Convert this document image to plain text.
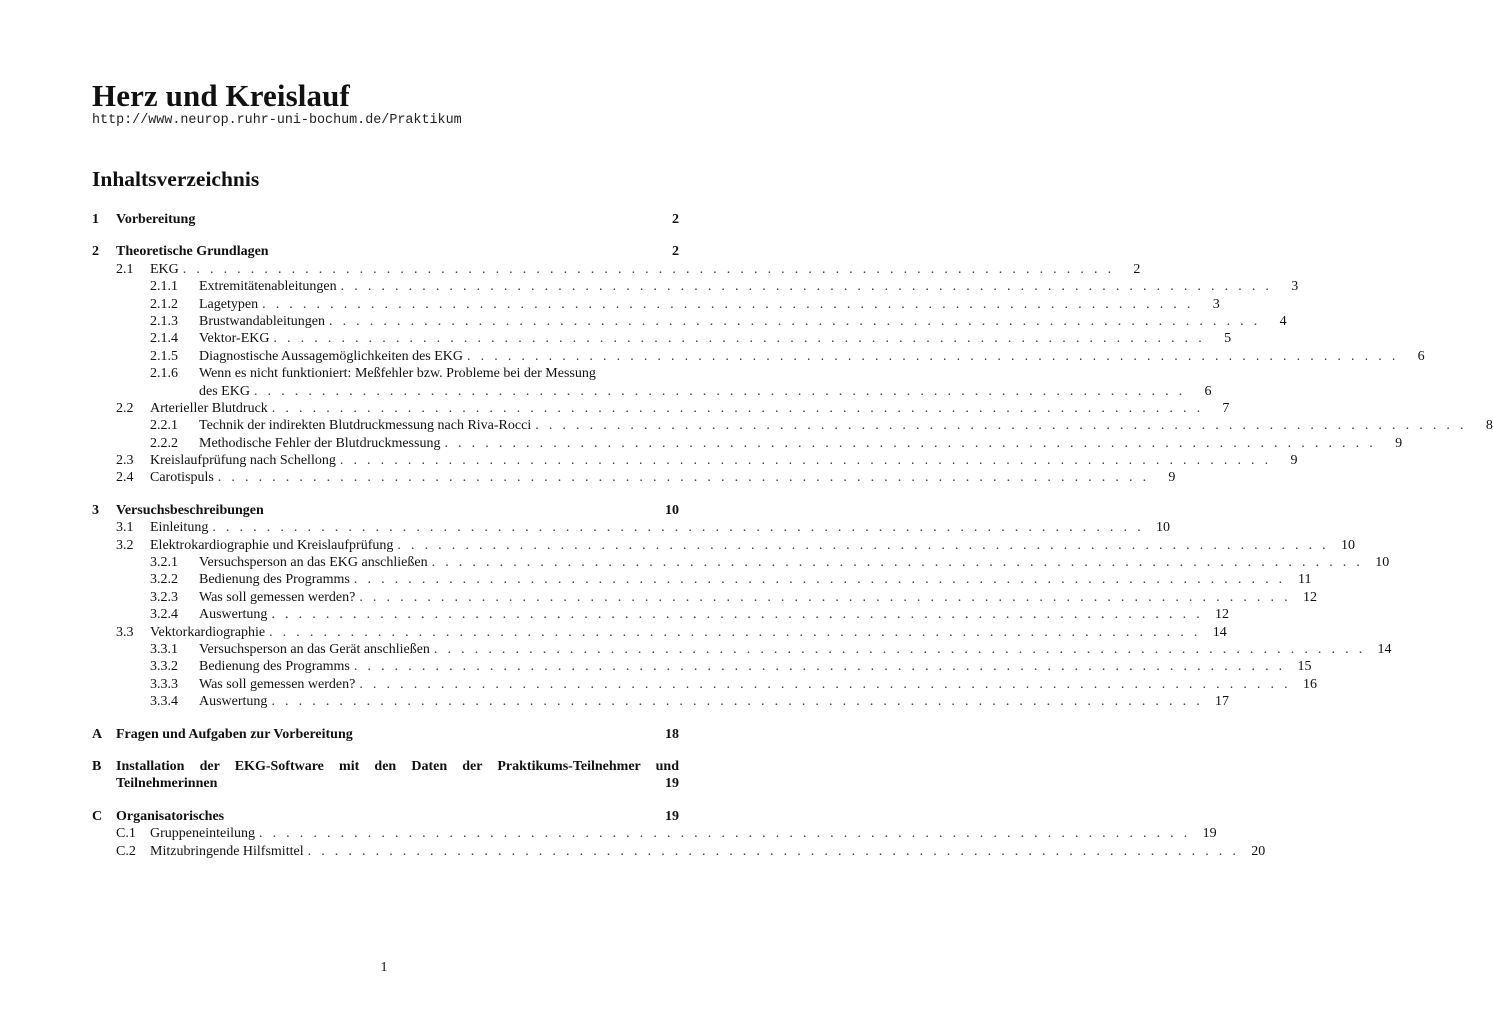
Herz und Kreislauf
http://www.neurop.ruhr-uni-bochum.de/Praktikum
Inhaltsverzeichnis
1	Vorbereitung	2
2	Theoretische Grundlagen	2
2.1	EKG . . .	2
2.1.1	Extremitätenableitungen . . .	3
2.1.2	Lagetypen . . .	3
2.1.3	Brustwandableitungen . . .	4
2.1.4	Vektor-EKG . . .	5
2.1.5	Diagnostische Aussagemöglichkeiten des EKG . . .	6
2.1.6	Wenn es nicht funktioniert: Meßfehler bzw. Probleme bei der Messung
des EKG . . .	6
2.2	Arterieller Blutdruck . . .	7
2.2.1	Technik der indirekten Blutdruckmessung nach Riva-Rocci . . .	8
2.2.2	Methodische Fehler der Blutdruckmessung . . .	9
2.3	Kreislaufprüfung nach Schellong . . .	9
2.4	Carotispuls . . .	9
3	Versuchsbeschreibungen	10
3.1	Einleitung . . .	10
3.2	Elektrokardiographie und Kreislaufprüfung . . .	10
3.2.1	Versuchsperson an das EKG anschließen . . .	10
3.2.2	Bedienung des Programms . . .	11
3.2.3	Was soll gemessen werden? . . .	12
3.2.4	Auswertung . . .	12
3.3	Vektorkardiographie . . .	14
3.3.1	Versuchsperson an das Gerät anschließen . . .	14
3.3.2	Bedienung des Programms . . .	15
3.3.3	Was soll gemessen werden? . . .	16
3.3.4	Auswertung . . .	17
A Fragen und Aufgaben zur Vorbereitung	18
B	Installation der EKG-Software mit den Daten der Praktikums-Teilnehmer und
Teilnehmerinnen	19
C Organisatorisches	19
C.1	Gruppeneinteilung . . .	19
C.2	Mitzubringende Hilfsmittel . . .	20
1
